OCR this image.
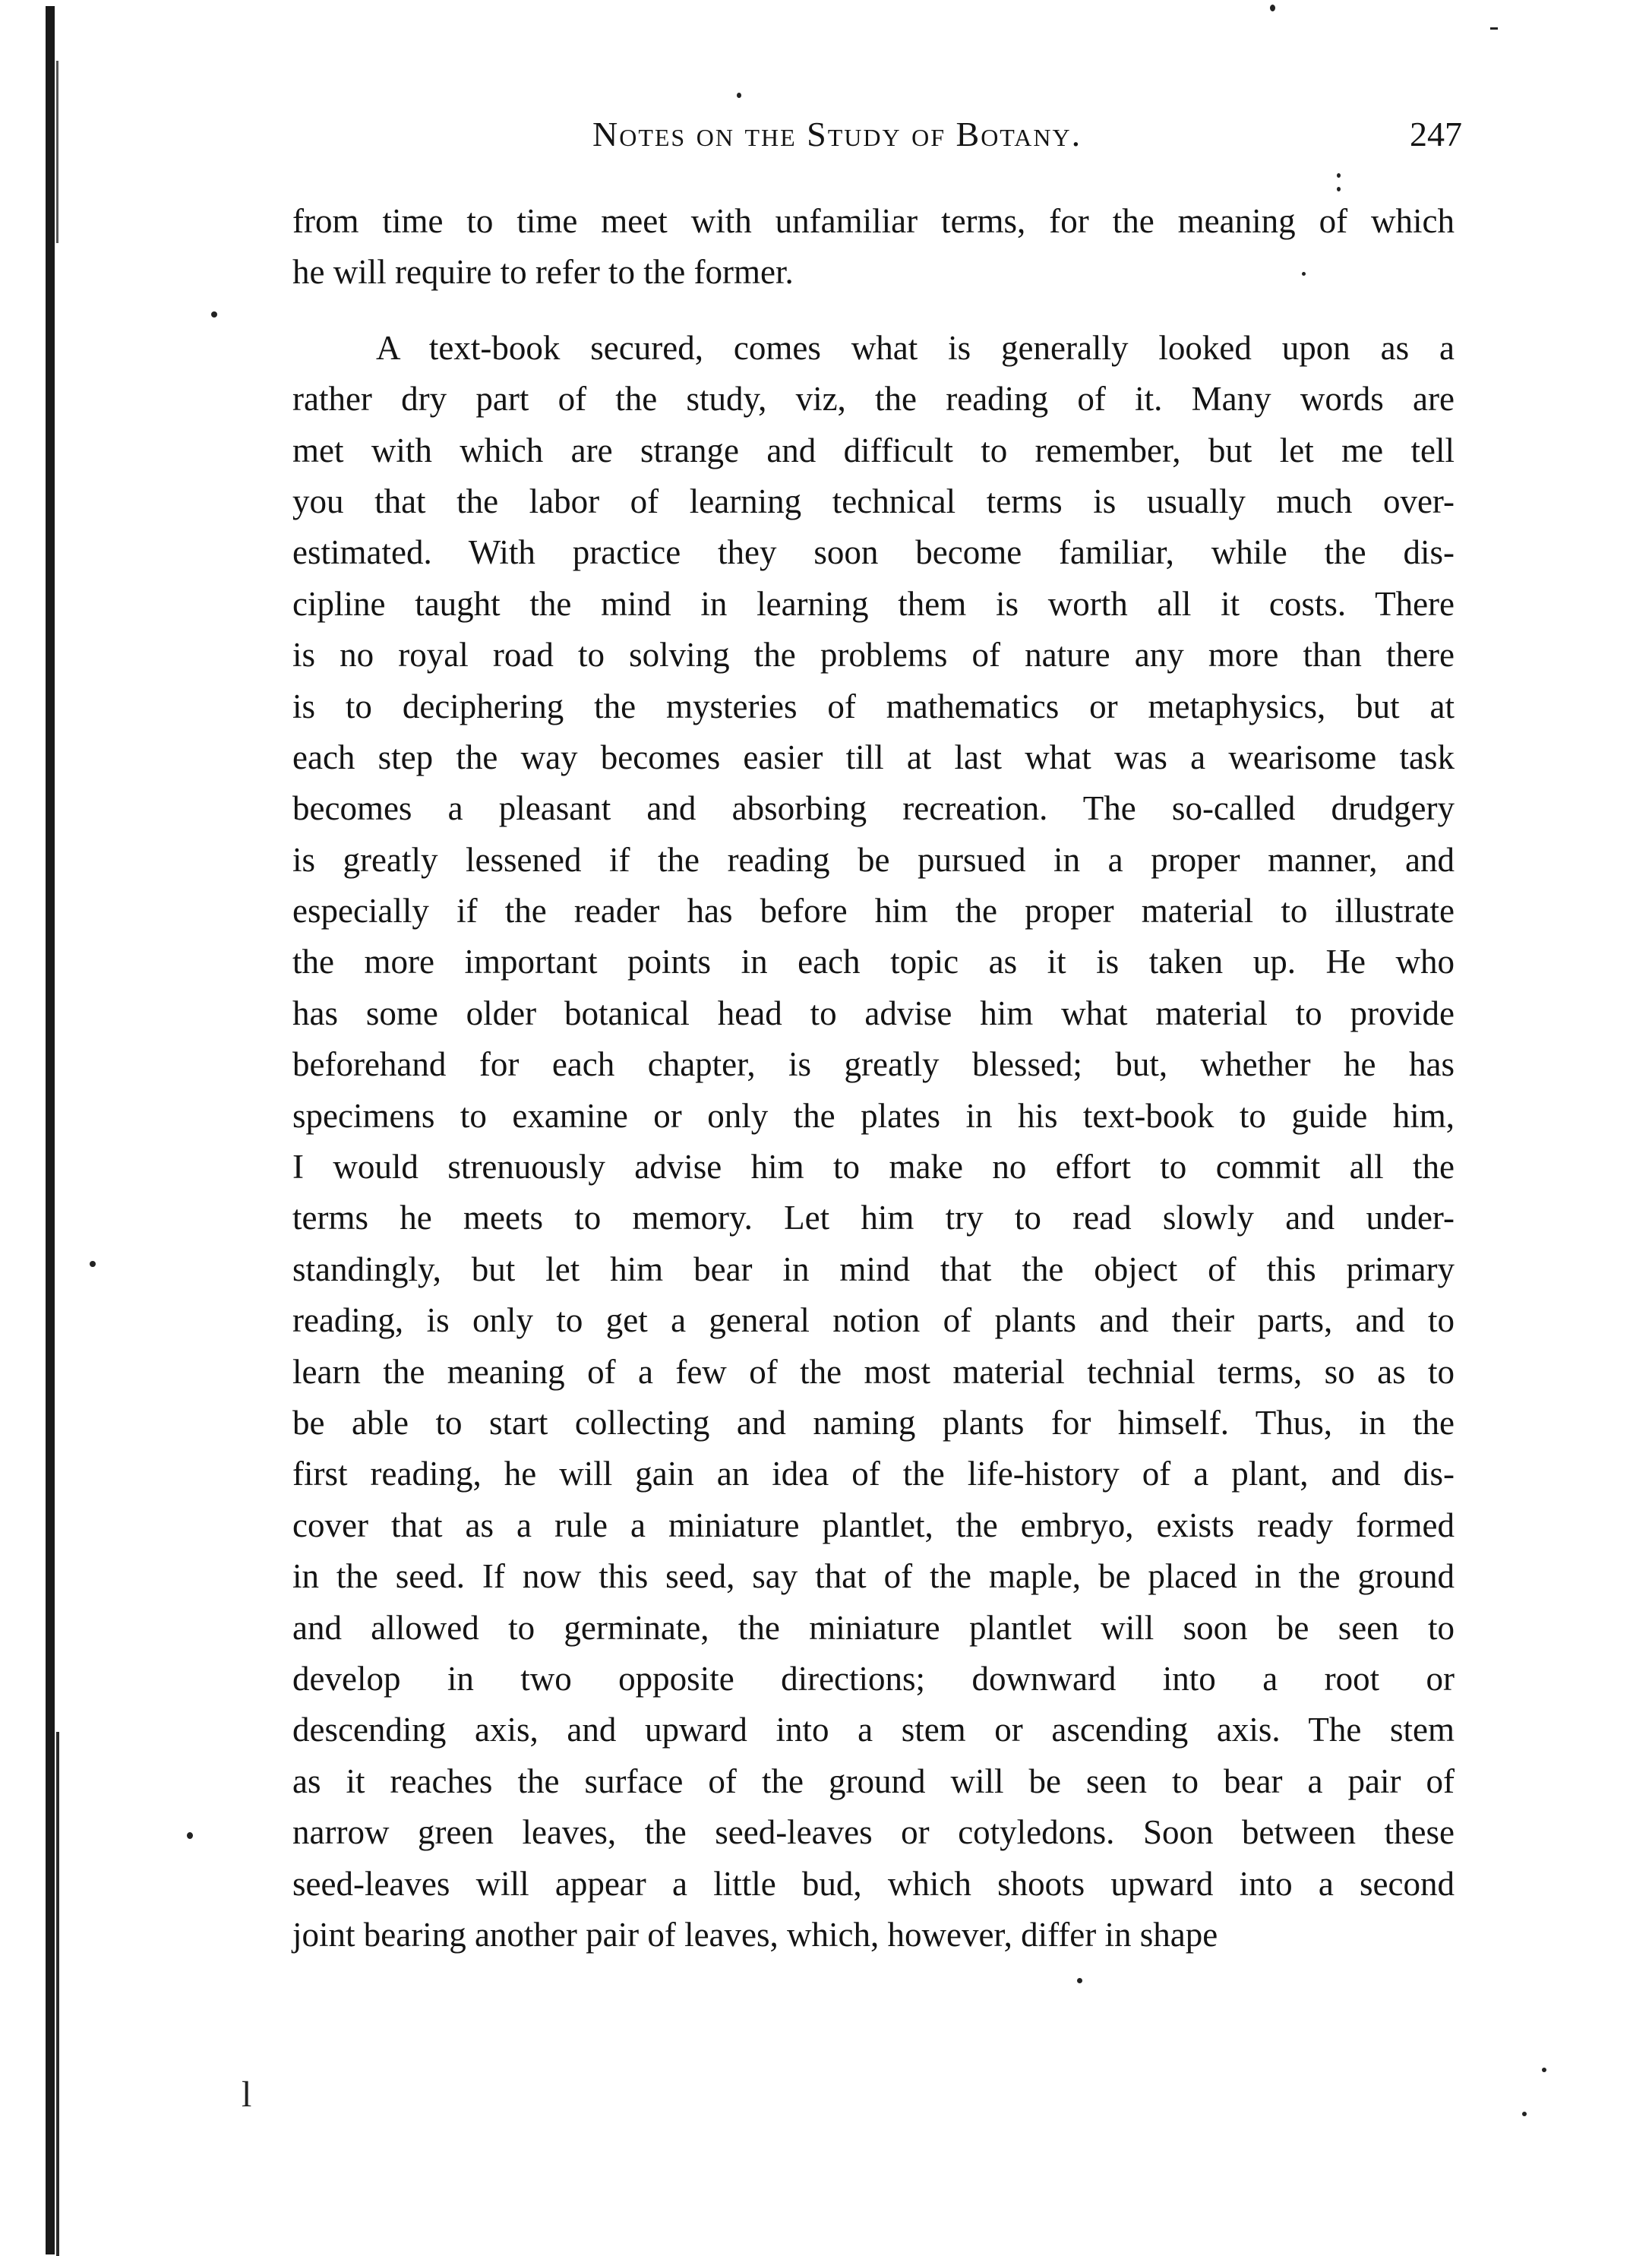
Notes on the Study of Botany.	247
from time to time meet with unfamiliar terms, for the meaning of which
he will require to refer to the former.
A text-book secured, comes what is generally looked upon as a
rather dry part of the study, viz, the reading of it. Many words are
met with which are strange and difficult to remember, but let me tell
you that the labor of learning technical terms is usually much over-
estimated. With practice they soon become familiar, while the dis-
cipline taught the mind in learning them is worth all it costs. There
is no royal road to solving the problems of nature any more than there
is to deciphering the mysteries of mathematics or metaphysics, but at
each step the way becomes easier till at last what was a wearisome task
becomes a pleasant and absorbing recreation. The so-called drudgery
is greatly lessened if the reading be pursued in a proper manner, and
especially if the reader has before him the proper material to illustrate
the more important points in each topic as it is taken up. He who
has some older botanical head to advise him what material to provide
beforehand for each chapter, is greatly blessed; but, whether he has
specimens to examine or only the plates in his text-book to guide him,
I would strenuously advise him to make no effort to commit all the
terms he meets to memory. Let him try to read slowly and under-
standingly, but let him bear in mind that the object of this primary
reading, is only to get a general notion of plants and their parts, and to
learn the meaning of a few of the most material technial terms, so as to
be able to start collecting and naming plants for himself. Thus, in the
first reading, he will gain an idea of the life-history of a plant, and dis-
cover that as a rule a miniature plantlet, the embryo, exists ready formed
in the seed. If now this seed, say that of the maple, be placed in the ground
and allowed to germinate, the miniature plantlet will soon be seen to
develop in two opposite directions; downward into a root or
descending axis, and upward into a stem or ascending axis. The stem
as it reaches the surface of the ground will be seen to bear a pair of
narrow green leaves, the seed-leaves or cotyledons. Soon between these
seed-leaves will appear a little bud, which shoots upward into a second
joint bearing another pair of leaves, which, however, differ in shape
l
